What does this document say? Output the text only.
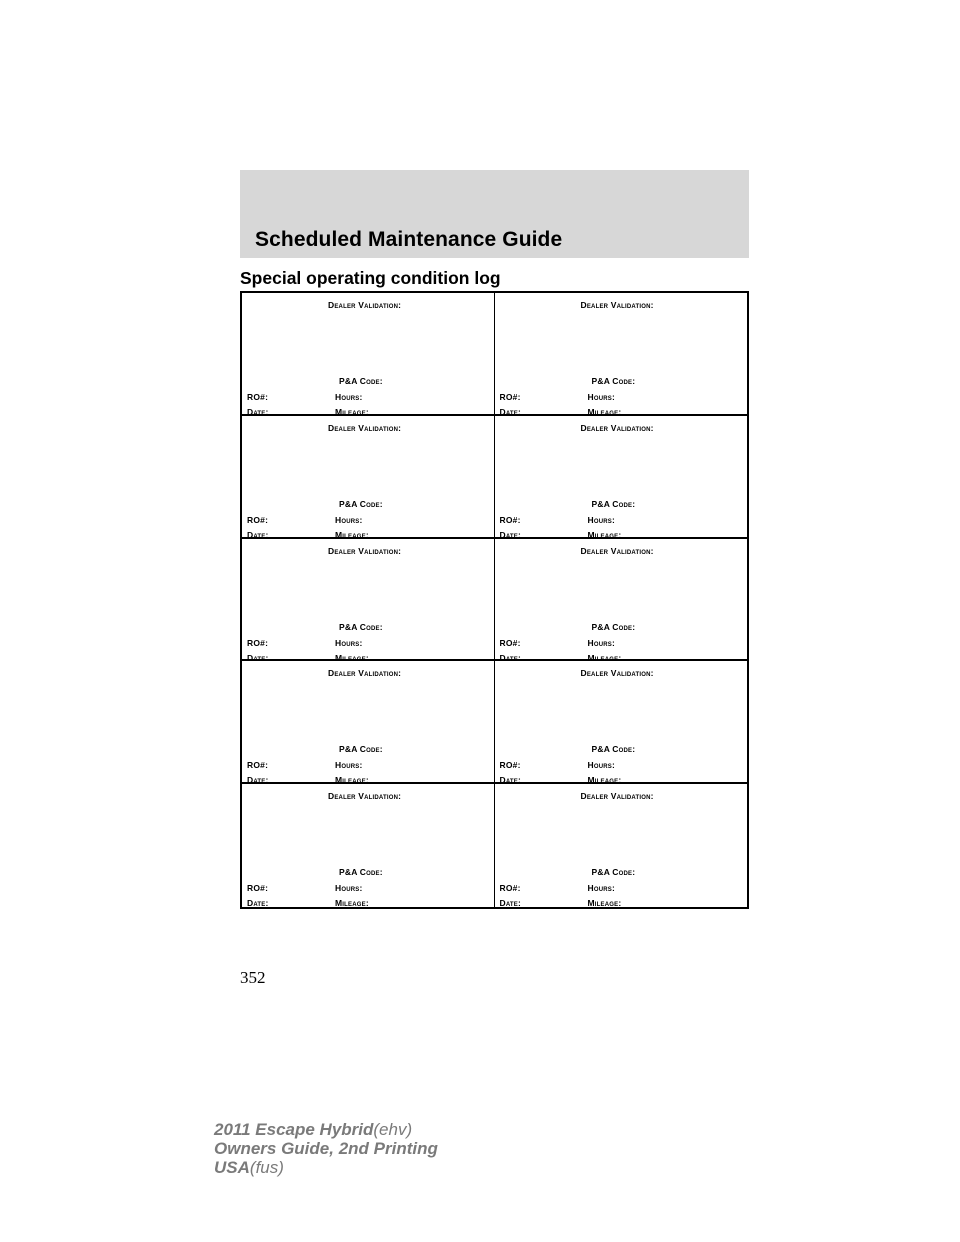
Scheduled Maintenance Guide
Special operating condition log
Dealer Validation:
P&A Code:
RO#:	Hours:
Date:	Mileage:
Dealer Validation:
P&A Code:
RO#:	Hours:
Date:	Mileage:
Dealer Validation:
P&A Code:
RO#:	Hours:
Date:	Mileage:
Dealer Validation:
P&A Code:
RO#:	Hours:
Date:	Mileage:
Dealer Validation:
P&A Code:
RO#:	Hours:
Date:	Mileage:
Dealer Validation:
P&A Code:
RO#:	Hours:
Date:	Mileage:
Dealer Validation:
P&A Code:
RO#:	Hours:
Date:	Mileage:
Dealer Validation:
P&A Code:
RO#:	Hours:
Date:	Mileage:
Dealer Validation:
P&A Code:
RO#:	Hours:
Date:	Mileage:
Dealer Validation:
P&A Code:
RO#:	Hours:
Date:	Mileage:
352
2011 Escape Hybrid(ehv)
Owners Guide, 2nd Printing
USA(fus)
